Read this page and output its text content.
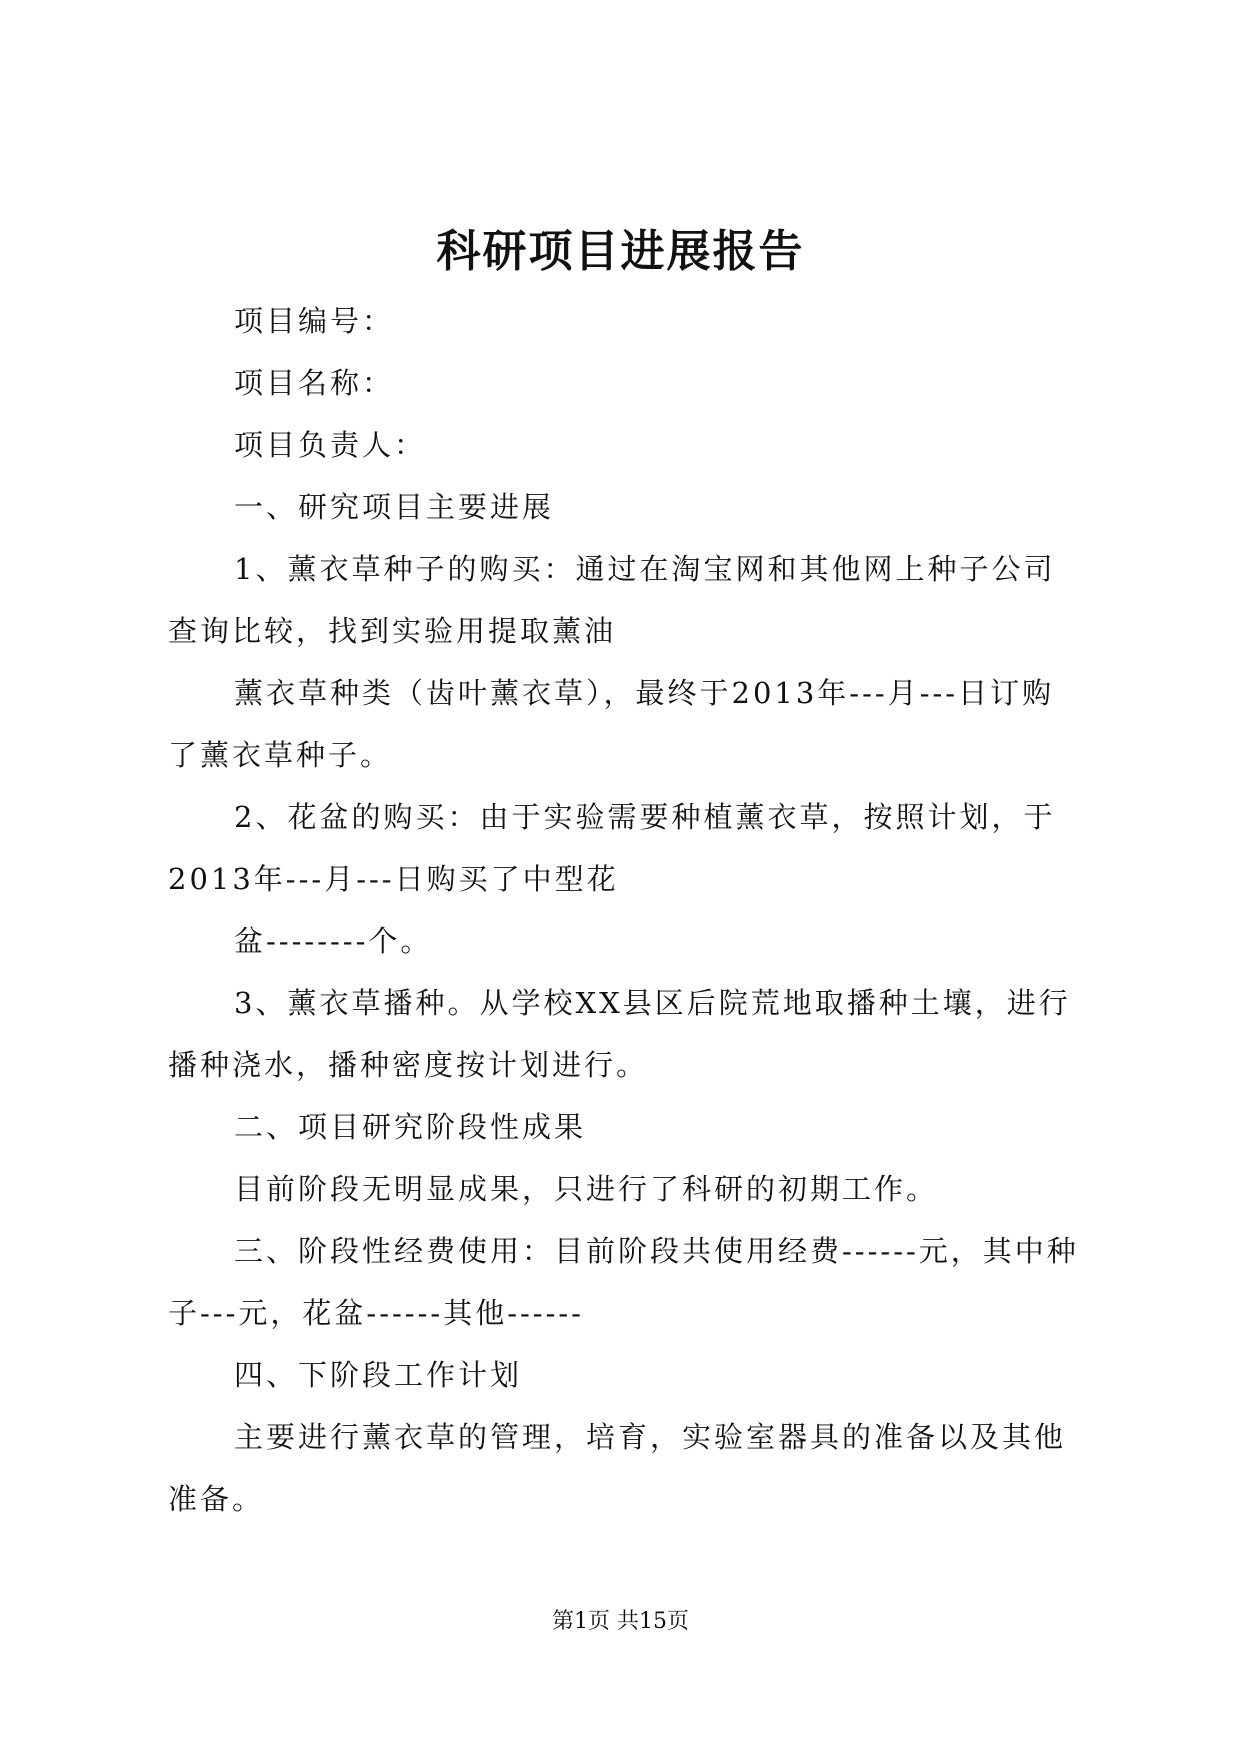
科研项目进展报告

项目编号：

项目名称：

项目负责人：

一、研究项目主要进展

1、薰衣草种子的购买：通过在淘宝网和其他网上种子公司查询比较，找到实验用提取薰油

薰衣草种类（齿叶薰衣草），最终于2013年---月---日订购了薰衣草种子。

2、花盆的购买：由于实验需要种植薰衣草，按照计划，于2013年---月---日购买了中型花

盆--------个。

3、薰衣草播种。从学校XX县区后院荒地取播种土壤，进行播种浇水，播种密度按计划进行。

二、项目研究阶段性成果

目前阶段无明显成果，只进行了科研的初期工作。

三、阶段性经费使用：目前阶段共使用经费------元，其中种子---元，花盆------其他------

四、下阶段工作计划

主要进行薰衣草的管理，培育，实验室器具的准备以及其他准备。

第1页 共15页
